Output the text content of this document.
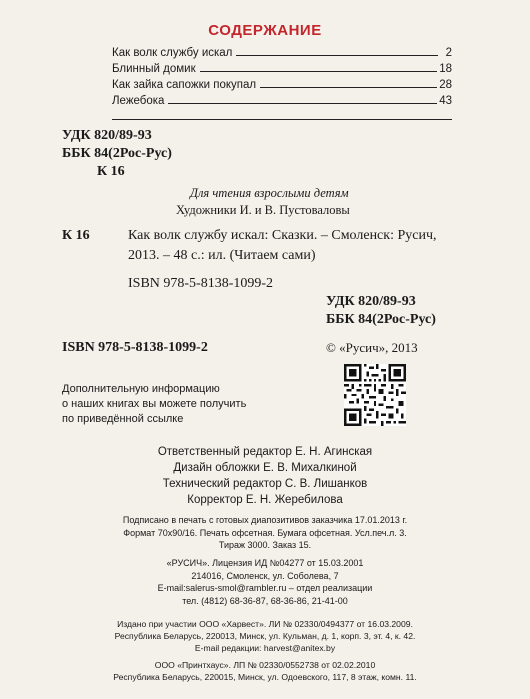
СОДЕРЖАНИЕ
Как волк службу искал	2
Блинный домик	18
Как зайка сапожки покупал	28
Лежебока	43
УДК 820/89-93
ББК 84(2Рос-Рус)
К 16
Для чтения взрослыми детям
Художники И. и В. Пустоваловы
К 16	Как волк службу искал: Сказки. – Смоленск: Русич,
2013. – 48 с.: ил. (Читаем сами)
ISBN 978-5-8138-1099-2
УДК 820/89-93
ББК 84(2Рос-Рус)
ISBN 978-5-8138-1099-2	© «Русич», 2013
Дополнительную информацию
о наших книгах вы можете получить
по приведённой ссылке
Ответственный редактор Е. Н. Агинская
Дизайн обложки Е. В. Михалкиной
Технический редактор С. В. Лишанков
Корректор Е. Н. Жеребилова
Подписано в печать с готовых диапозитивов заказчика 17.01.2013 г.
Формат 70x90/16. Печать офсетная. Бумага офсетная. Усл.печ.л. 3.
Тираж 3000. Заказ 15.
«РУСИЧ». Лицензия ИД №04277 от 15.03.2001
214016, Смоленск, ул. Соболева, 7
E-mail:salerus-smol@rambler.ru – отдел реализации
тел. (4812) 68-36-87, 68-36-86, 21-41-00
Издано при участии ООО «Харвест». ЛИ № 02330/0494377 от 16.03.2009.
Республика Беларусь, 220013, Минск, ул. Кульман, д. 1, корп. 3, эт. 4, к. 42.
E-mail редакции: harvest@anitex.by
ООО «Принтхаус». ЛП № 02330/0552738 от 02.02.2010
Республика Беларусь, 220015, Минск, ул. Одоевского, 117, 8 этаж, комн. 11.
